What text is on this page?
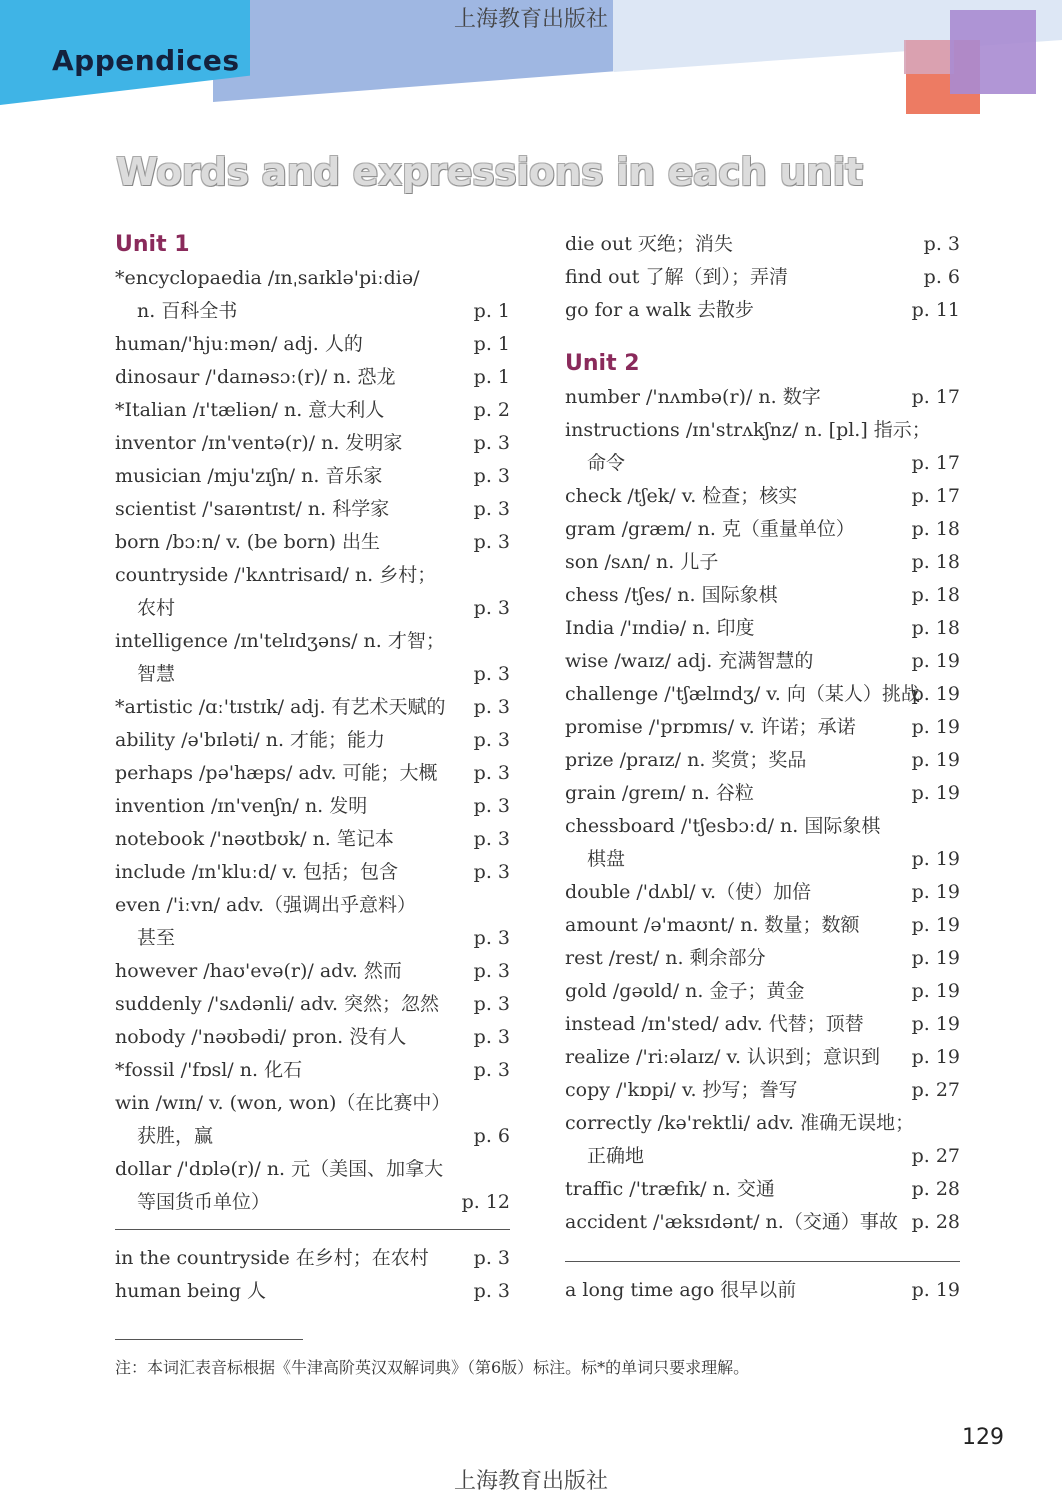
Appendices
上海教育出版社
Words and expressions in each unit
Unit 1
*encyclopaedia /ɪnˌsaɪklə'piːdiə/
n. 百科全书	p. 1
human/'hjuːmən/ adj. 人的	p. 1
dinosaur /'daɪnəsɔː(r)/ n. 恐龙	p. 1
*Italian /ɪ'tæliən/ n. 意大利人	p. 2
inventor /ɪn'ventə(r)/ n. 发明家	p. 3
musician /mju'zɪʃn/ n. 音乐家	p. 3
scientist /'saɪəntɪst/ n. 科学家	p. 3
born /bɔːn/ v. (be born) 出生	p. 3
countryside /'kʌntrisaɪd/ n. 乡村；
农村	p. 3
intelligence /ɪn'telɪdʒəns/ n. 才智；
智慧	p. 3
*artistic /ɑː'tɪstɪk/ adj. 有艺术天赋的 p. 3
ability /ə'bɪləti/ n. 才能；能力	p. 3
perhaps /pə'hæps/ adv. 可能；大概 p. 3
invention /ɪn'venʃn/ n. 发明	p. 3
notebook /'nəʊtbʊk/ n. 笔记本	p. 3
include /ɪn'kluːd/ v. 包括；包含	p. 3
even /'iːvn/ adv.（强调出乎意料）
甚至	p. 3
however /haʊ'evə(r)/ adv. 然而	p. 3
suddenly /'sʌdənli/ adv. 突然；忽然 p. 3
nobody /'nəʊbədi/ pron. 没有人	p. 3
*fossil /'fɒsl/ n. 化石	p. 3
win /wɪn/ v. (won, won)（在比赛中）
获胜，赢	p. 6
dollar /'dɒlə(r)/ n. 元（美国、加拿大
等国货币单位）	p. 12
in the countryside 在乡村；在农村 p. 3
human being 人	p. 3
die out 灭绝；消失	p. 3
find out 了解（到）；弄清	p. 6
go for a walk 去散步	p. 11
Unit 2
number /'nʌmbə(r)/ n. 数字	p. 17
instructions /ɪn'strʌkʃnz/ n. [pl.] 指示；
命令	p. 17
check /tʃek/ v. 检查；核实	p. 17
gram /græm/ n. 克（重量单位）	p. 18
son /sʌn/ n. 儿子	p. 18
chess /tʃes/ n. 国际象棋	p. 18
India /'ɪndiə/ n. 印度	p. 18
wise /waɪz/ adj. 充满智慧的	p. 19
challenge /'tʃælɪndʒ/ v. 向（某人）挑战
p. 19
promise /'prɒmɪs/ v. 许诺；承诺	p. 19
prize /praɪz/ n. 奖赏；奖品	p. 19
grain /greɪn/ n. 谷粒	p. 19
chessboard /'tʃesbɔːd/ n. 国际象棋
棋盘	p. 19
double /'dʌbl/ v.（使）加倍	p. 19
amount /ə'maʊnt/ n. 数量；数额	p. 19
rest /rest/ n. 剩余部分	p. 19
gold /gəʊld/ n. 金子；黄金	p. 19
instead /ɪn'sted/ adv. 代替；顶替	p. 19
realize /'riːəlaɪz/ v. 认识到；意识到 p. 19
copy /'kɒpi/ v. 抄写；誊写	p. 27
correctly /kə'rektli/ adv. 准确无误地；
正确地	p. 27
traffic /'træfɪk/ n. 交通	p. 28
accident /'æksɪdənt/ n.（交通）事故 p. 28
a long time ago 很早以前	p. 19
注：本词汇表音标根据《牛津高阶英汉双解词典》（第6版）标注。标*的单词只要求理解。
129
上海教育出版社
